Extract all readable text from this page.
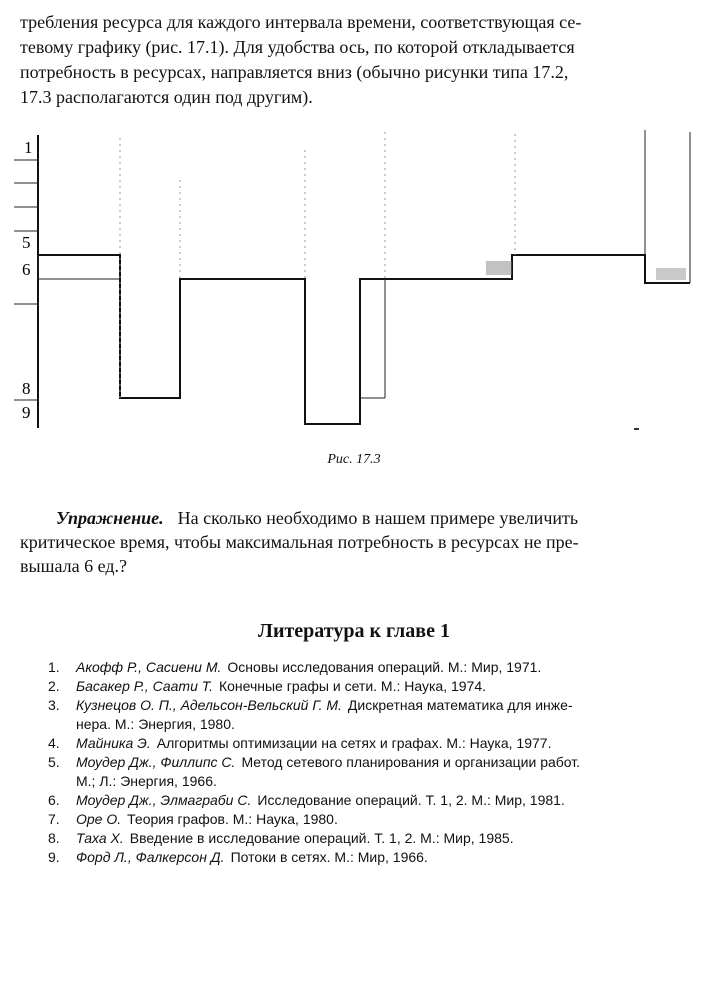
требления ресурса для каждого интервала времени, соответствующая се-
тевому графику (рис. 17.1). Для удобства ось, по которой откладывается
потребность в ресурсах, направляется вниз (обычно рисунки типа 17.2,
17.3 располагаются один под другим).
1
5
6
8
9

Рис. 17.3

Упражнение. На сколько необходимо в нашем примере увеличить
критическое время, чтобы максимальная потребность в ресурсах не пре-
вышала 6 ед.?
Литература к главе 1
1. Акофф Р., Сасиени М. Основы исследования операций. М.: Мир, 1971.
2. Басакер Р., Саати Т. Конечные графы и сети. М.: Наука, 1974.
3. Кузнецов О. П., Адельсон-Вельский Г. М. Дискретная математика для инже-
нера. М.: Энергия, 1980.
4. Майника Э. Алгоритмы оптимизации на сетях и графах. М.: Наука, 1977.
5. Моудер Дж., Филлипс С. Метод сетевого планирования и организации работ.
М.; Л.: Энергия, 1966.
6. Моудер Дж., Элмаграби С. Исследование операций. Т. 1, 2. М.: Мир, 1981.
7. Оре О. Теория графов. М.: Наука, 1980.
8. Таха Х. Введение в исследование операций. Т. 1, 2. М.: Мир, 1985.
9. Форд Л., Фалкерсон Д. Потоки в сетях. М.: Мир, 1966.
